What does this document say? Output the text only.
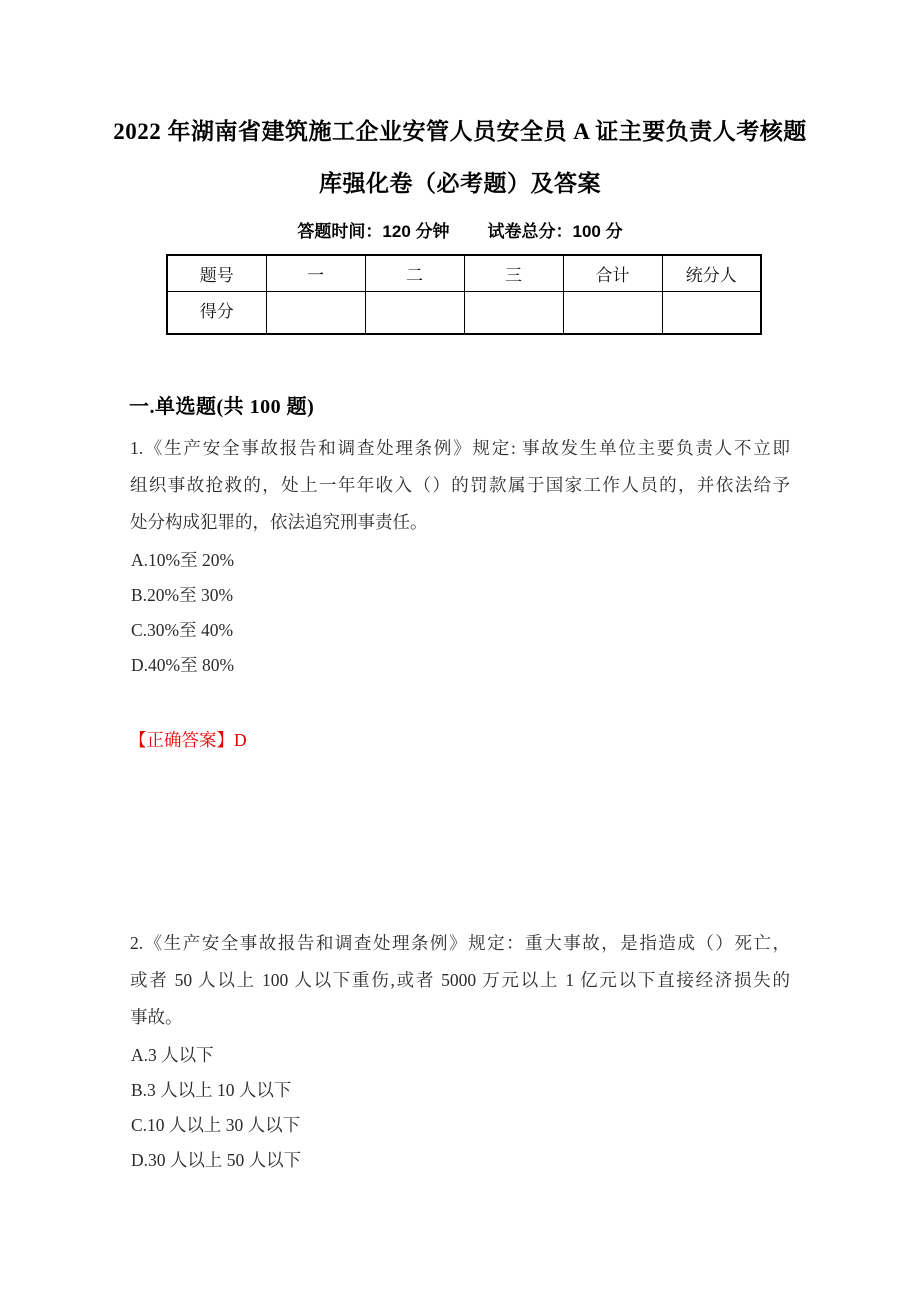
2022 年湖南省建筑施工企业安管人员安全员 A 证主要负责人考核题
库强化卷（必考题）及答案
答题时间：120 分钟 试卷总分：100 分
题号	一	二	三	合计	统分人
得分					
一.单选题(共 100 题)
1.《生产安全事故报告和调查处理条例》规定: 事故发生单位主要负责人不立即
组织事故抢救的，处上一年年收入（）的罚款属于国家工作人员的，并依法给予
处分构成犯罪的，依法追究刑事责任。
A.10%至 20%
B.20%至 30%
C.30%至 40%
D.40%至 80%
【正确答案】D
2.《生产安全事故报告和调查处理条例》规定：重大事故，是指造成（）死亡，
或者 50 人以上 100 人以下重伤,或者 5000 万元以上 1 亿元以下直接经济损失的
事故。
A.3 人以下
B.3 人以上 10 人以下
C.10 人以上 30 人以下
D.30 人以上 50 人以下
